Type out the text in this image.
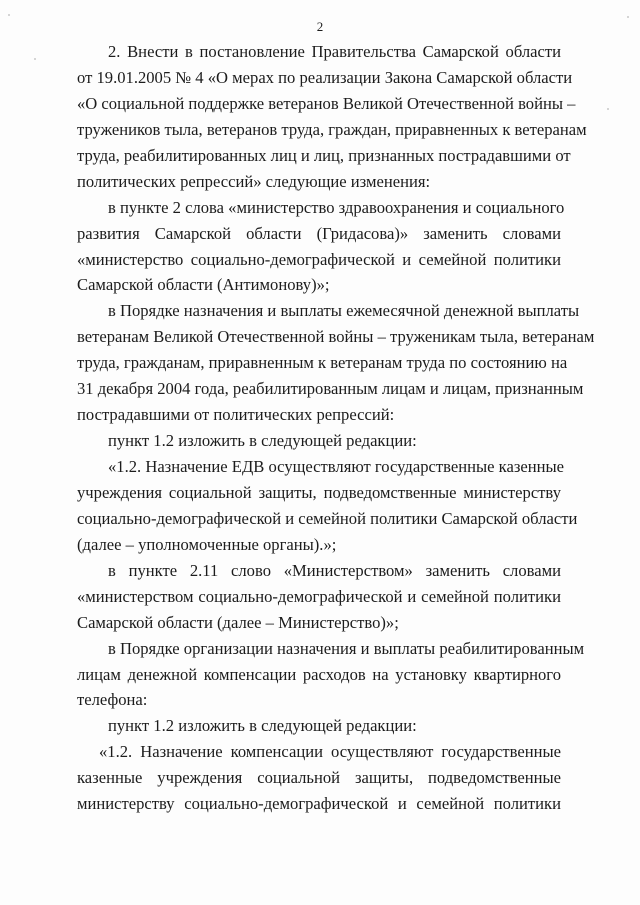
2
2. Внести в постановление Правительства Самарской области
от 19.01.2005 № 4 «О мерах по реализации Закона Самарской области
«О социальной поддержке ветеранов Великой Отечественной войны –
тружеников тыла, ветеранов труда, граждан, приравненных к ветеранам
труда, реабилитированных лиц и лиц, признанных пострадавшими от
политических репрессий» следующие изменения:
в пункте 2 слова «министерство здравоохранения и социального
развития Самарской области (Гридасова)» заменить словами
«министерство социально-демографической и семейной политики
Самарской области (Антимонову)»;
в Порядке назначения и выплаты ежемесячной денежной выплаты
ветеранам Великой Отечественной войны – труженикам тыла, ветеранам
труда, гражданам, приравненным к ветеранам труда по состоянию на
31 декабря 2004 года, реабилитированным лицам и лицам, признанным
пострадавшими от политических репрессий:
пункт 1.2 изложить в следующей редакции:
«1.2. Назначение ЕДВ осуществляют государственные казенные
учреждения социальной защиты, подведомственные министерству
социально-демографической и семейной политики Самарской области
(далее – уполномоченные органы).»;
в пункте 2.11 слово «Министерством» заменить словами
«министерством социально-демографической и семейной политики
Самарской области (далее – Министерство)»;
в Порядке организации назначения и выплаты реабилитированным
лицам денежной компенсации расходов на установку квартирного
телефона:
пункт 1.2 изложить в следующей редакции:
«1.2. Назначение компенсации осуществляют государственные
казенные учреждения социальной защиты, подведомственные
министерству социально-демографической и семейной политики
